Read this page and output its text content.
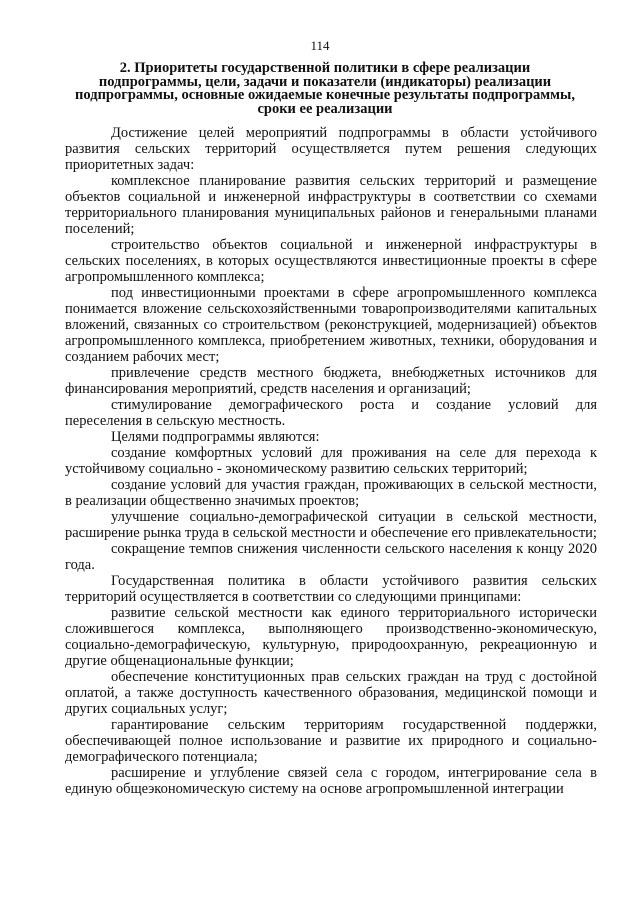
114
2. Приоритеты государственной политики в сфере реализации подпрограммы, цели, задачи и показатели (индикаторы) реализации подпрограммы, основные ожидаемые конечные результаты подпрограммы, сроки ее реализации

Достижение целей мероприятий подпрограммы в области устойчивого развития сельских территорий осуществляется путем решения следующих приоритетных задач:

комплексное планирование развития сельских территорий и размещение объектов социальной и инженерной инфраструктуры в соответствии со схемами территориального планирования муниципальных районов и генеральными планами поселений;

строительство объектов социальной и инженерной инфраструктуры в сельских поселениях, в которых осуществляются инвестиционные проекты в сфере агропромышленного комплекса;

под инвестиционными проектами в сфере агропромышленного комплекса понимается вложение сельскохозяйственными товаропроизводителями капитальных вложений, связанных со строительством (реконструкцией, модернизацией) объектов агропромышленного комплекса, приобретением животных, техники, оборудования и созданием рабочих мест;

привлечение средств местного бюджета, внебюджетных источников для финансирования мероприятий, средств населения и организаций;

стимулирование демографического роста и создание условий для переселения в сельскую местность.

Целями подпрограммы являются:

создание комфортных условий для проживания на селе для перехода к устойчивому социально - экономическому развитию сельских территорий;

создание условий для участия граждан, проживающих в сельской местности, в реализации общественно значимых проектов;

улучшение социально-демографической ситуации в сельской местности, расширение рынка труда в сельской местности и обеспечение его привлекательности;

сокращение темпов снижения численности сельского населения к концу 2020 года.

Государственная политика в области устойчивого развития сельских территорий осуществляется в соответствии со следующими принципами:

развитие сельской местности как единого территориального исторически сложившегося комплекса, выполняющего производственно-экономическую, социально-демографическую, культурную, природоохранную, рекреационную и другие общенациональные функции;

обеспечение конституционных прав сельских граждан на труд с достойной оплатой, а также доступность качественного образования, медицинской помощи и других социальных услуг;

гарантирование сельским территориям государственной поддержки, обеспечивающей полное использование и развитие их природного и социально-демографического потенциала;

расширение и углубление связей села с городом, интегрирование села в единую общеэкономическую систему на основе агропромышленной интеграции
